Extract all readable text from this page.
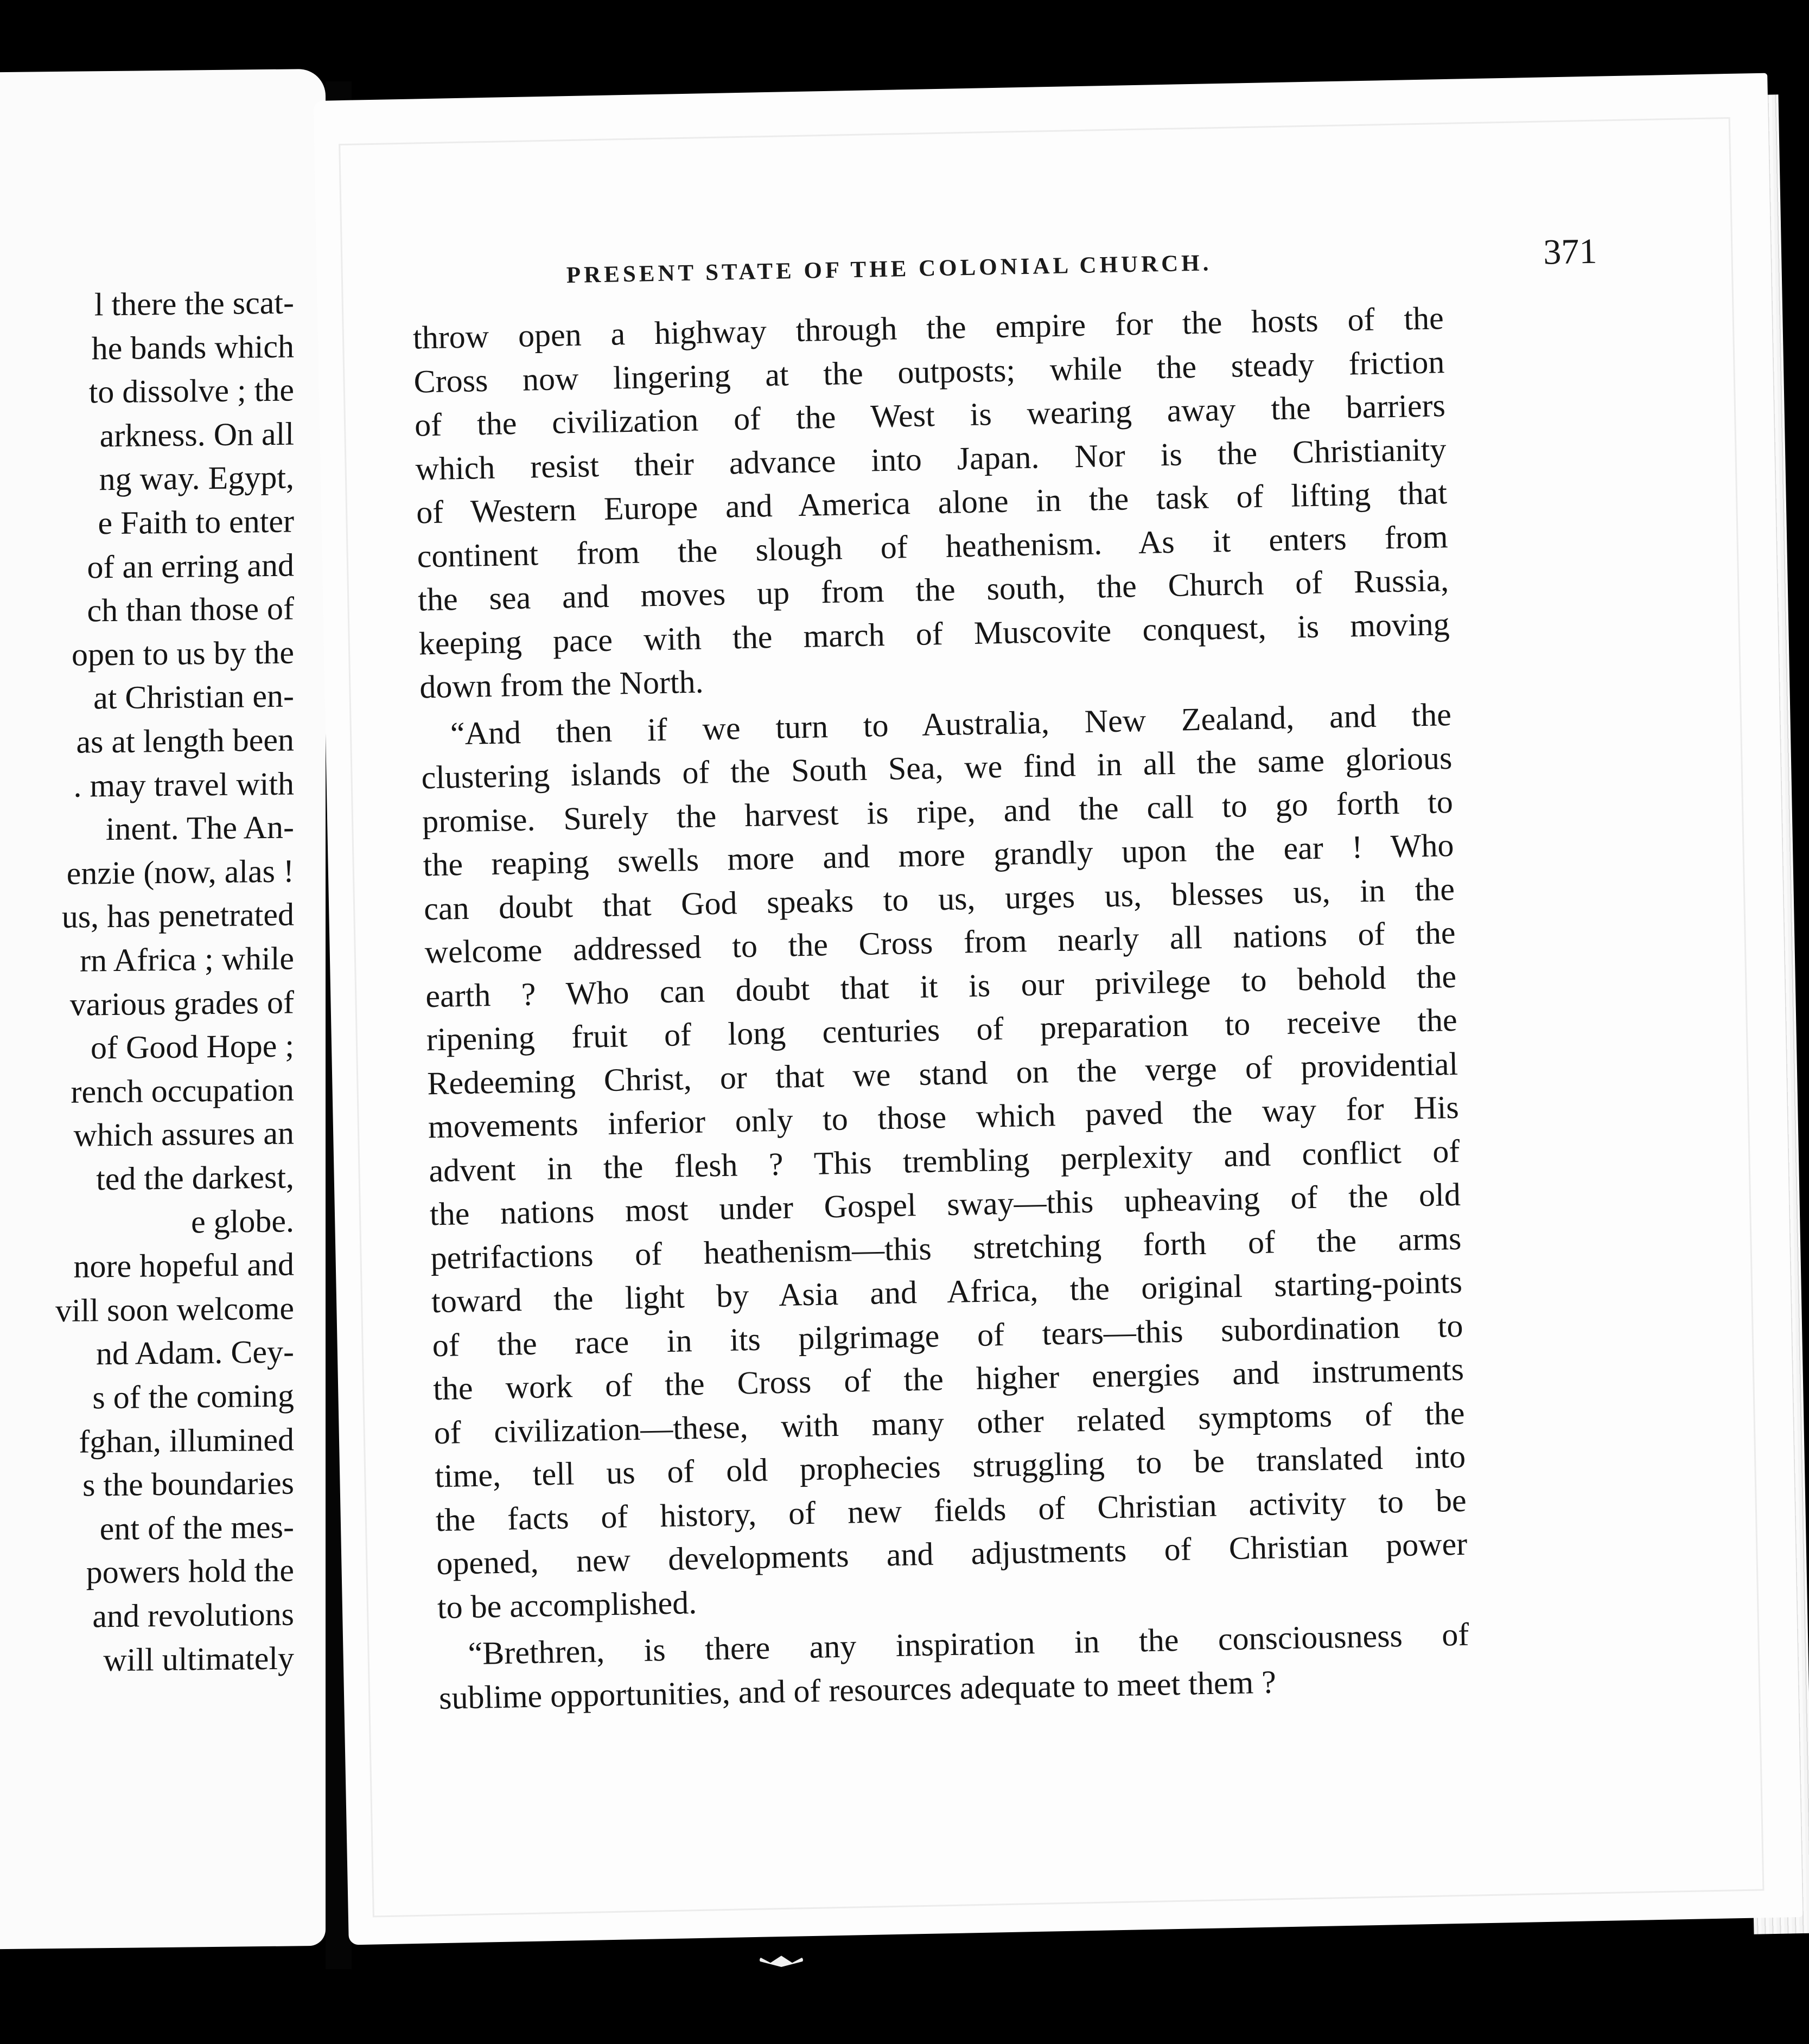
l there the scat-
he bands which
to dissolve ; the
arkness. On all
ng way. Egypt,
e Faith to enter
of an erring and
ch than those of
open to us by the
at Christian en-
as at length been
. may travel with
inent. The An-
enzie (now, alas !
us, has penetrated
rn Africa ; while
various grades of
of Good Hope ;
rench occupation
which assures an
ted the darkest,
e globe.
nore hopeful and
vill soon welcome
nd Adam. Cey-
s of the coming
fghan, illumined
s the boundaries
ent of the mes-
powers hold the
and revolutions
will ultimately
PRESENT STATE OF THE COLONIAL CHURCH.	371
throw open a highway through the empire for the hosts of the
Cross now lingering at the outposts; while the steady friction
of the civilization of the West is wearing away the barriers
which resist their advance into Japan. Nor is the Christianity
of Western Europe and America alone in the task of lifting that
continent from the slough of heathenism. As it enters from
the sea and moves up from the south, the Church of Russia,
keeping pace with the march of Muscovite conquest, is moving
down from the North.
“And then if we turn to Australia, New Zealand, and the
clustering islands of the South Sea, we find in all the same glorious
promise. Surely the harvest is ripe, and the call to go forth to
the reaping swells more and more grandly upon the ear ! Who
can doubt that God speaks to us, urges us, blesses us, in the
welcome addressed to the Cross from nearly all nations of the
earth ? Who can doubt that it is our privilege to behold the
ripening fruit of long centuries of preparation to receive the
Redeeming Christ, or that we stand on the verge of providential
movements inferior only to those which paved the way for His
advent in the flesh ? This trembling perplexity and conflict of
the nations most under Gospel sway—this upheaving of the old
petrifactions of heathenism—this stretching forth of the arms
toward the light by Asia and Africa, the original starting-points
of the race in its pilgrimage of tears—this subordination to
the work of the Cross of the higher energies and instruments
of civilization—these, with many other related symptoms of the
time, tell us of old prophecies struggling to be translated into
the facts of history, of new fields of Christian activity to be
opened, new developments and adjustments of Christian power
to be accomplished.
“Brethren, is there any inspiration in the consciousness of
sublime opportunities, and of resources adequate to meet them ?
